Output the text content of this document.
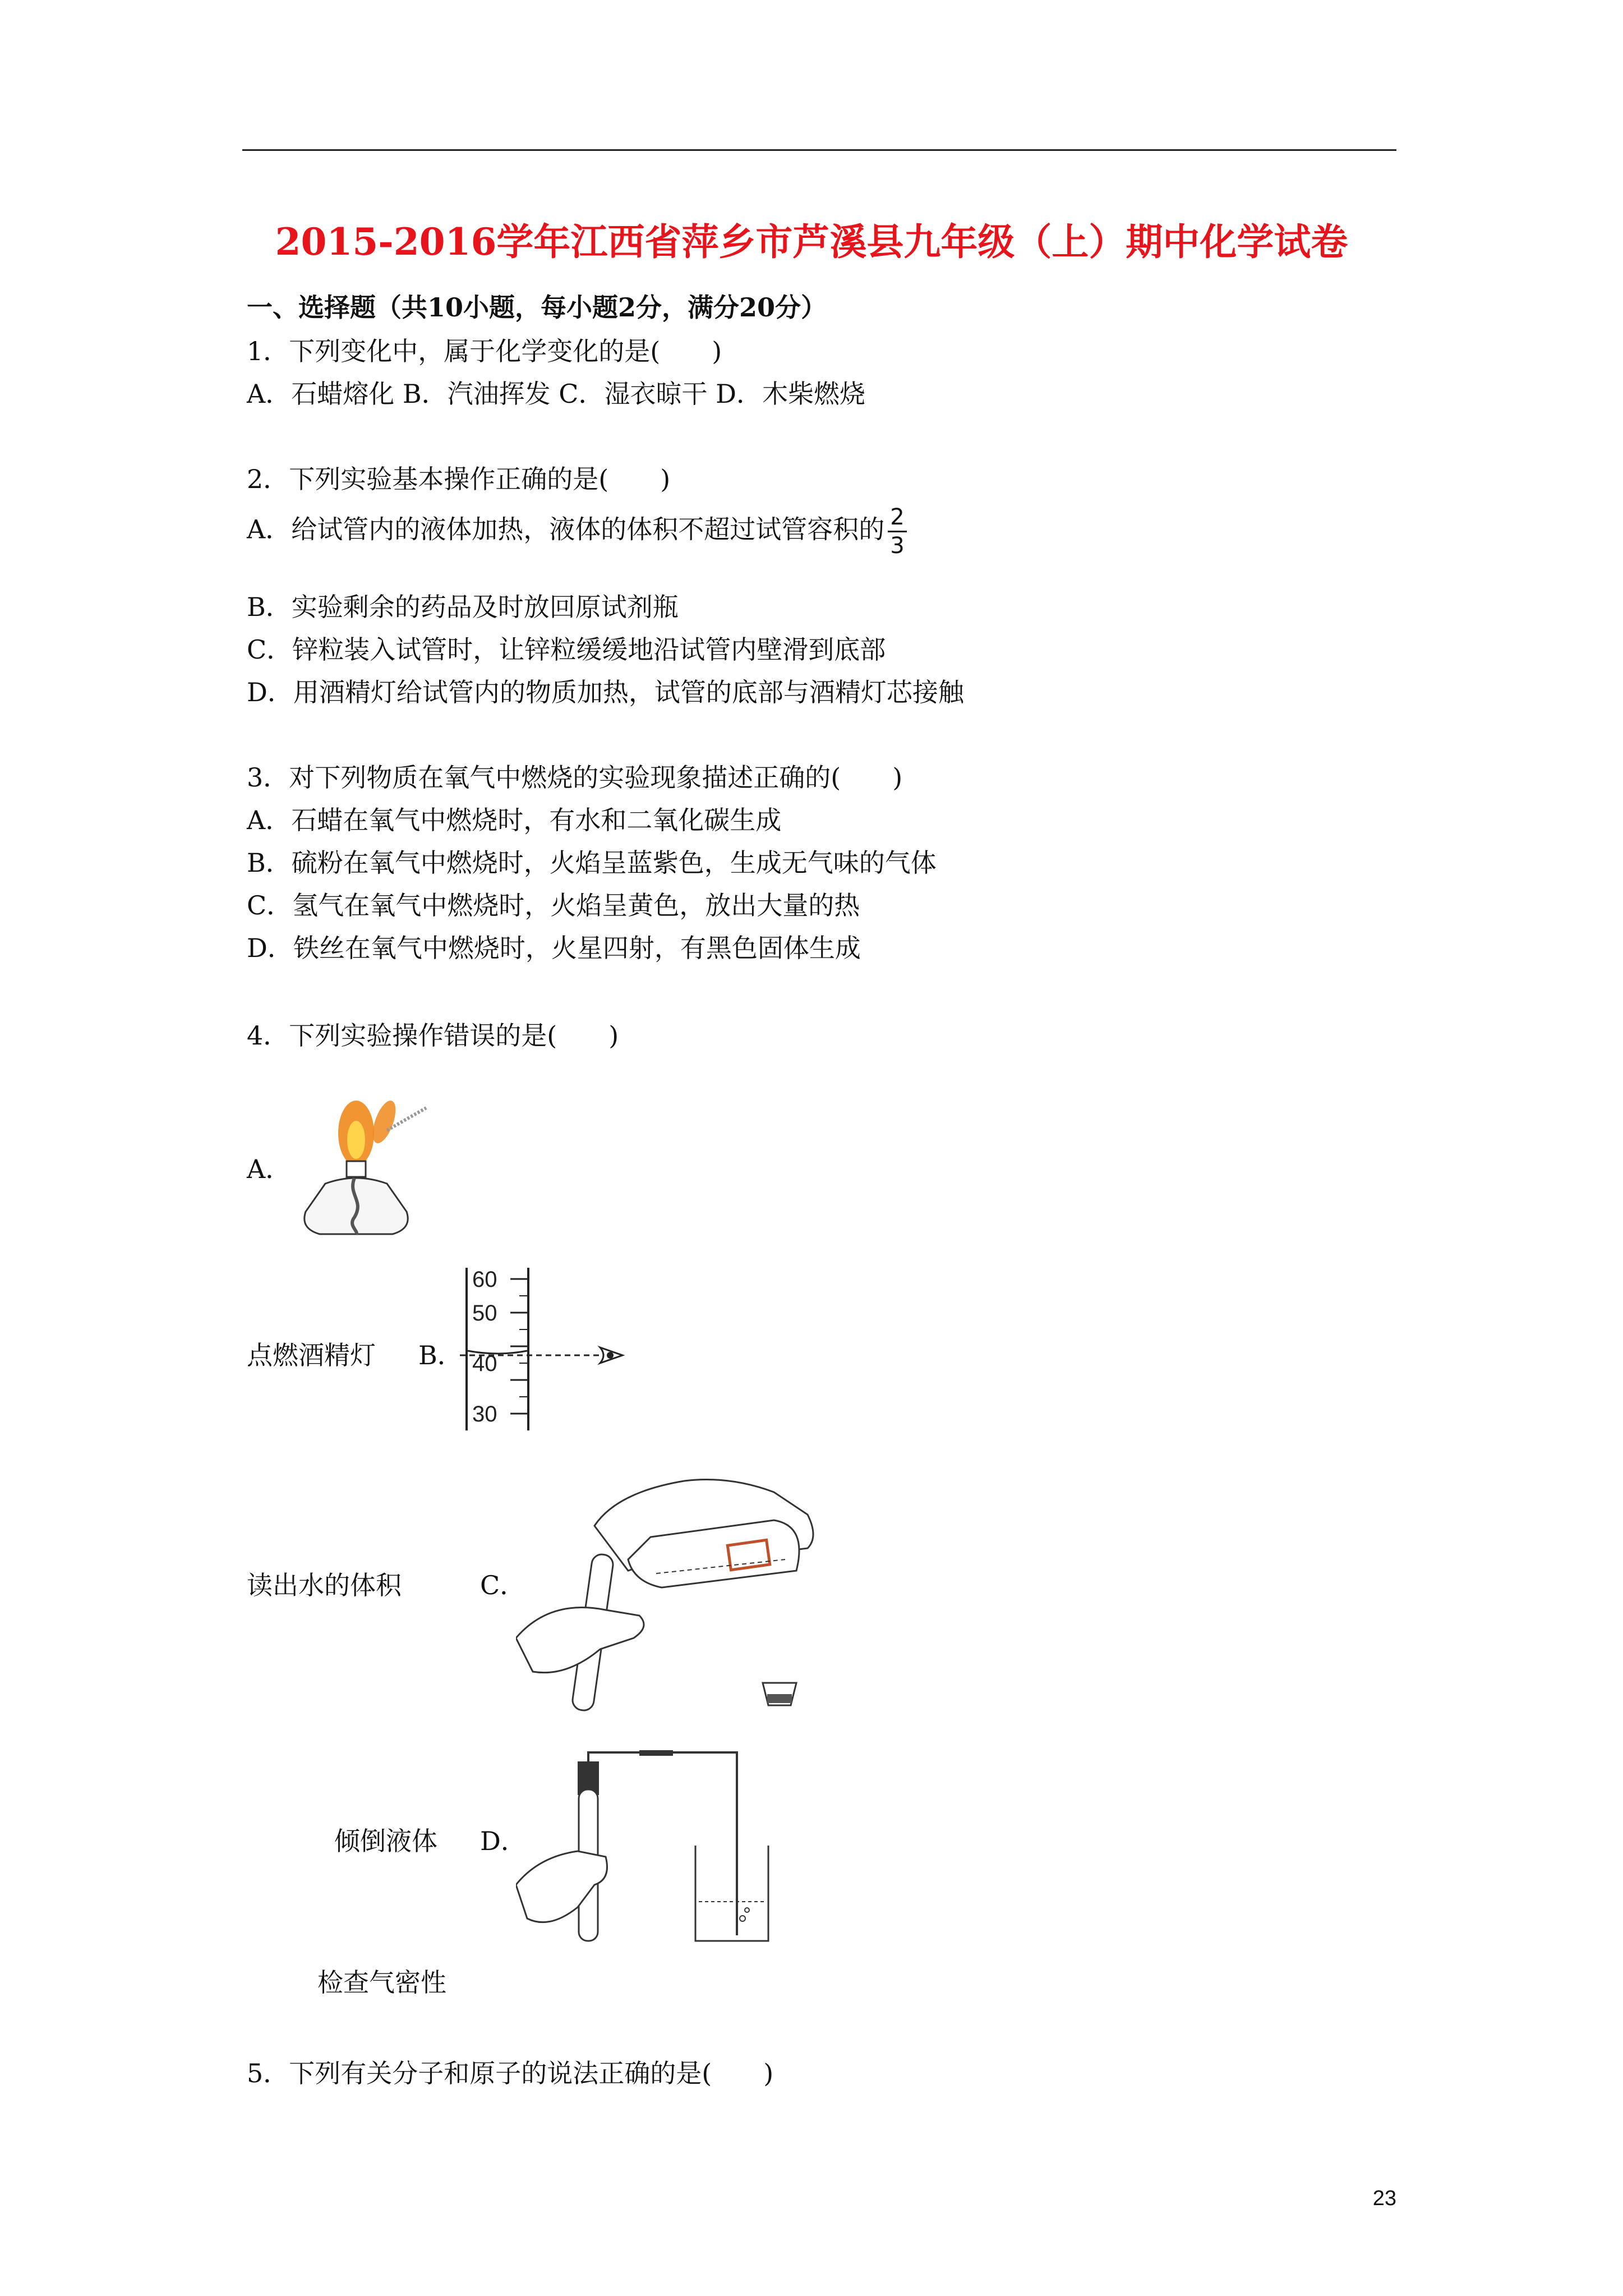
2015-2016学年江西省萍乡市芦溪县九年级（上）期中化学试卷
一、选择题（共10小题，每小题2分，满分20分）
1．下列变化中，属于化学变化的是(　　)
A．石蜡熔化 B．汽油挥发 C．湿衣晾干 D．木柴燃烧
2．下列实验基本操作正确的是(　　)
A．给试管内的液体加热，液体的体积不超过试管容积的 $\frac{2}{3}$
B．实验剩余的药品及时放回原试剂瓶
C．锌粒装入试管时，让锌粒缓缓地沿试管内壁滑到底部
D．用酒精灯给试管内的物质加热，试管的底部与酒精灯芯接触
3．对下列物质在氧气中燃烧的实验现象描述正确的(　　)
A．石蜡在氧气中燃烧时，有水和二氧化碳生成
B．硫粉在氧气中燃烧时，火焰呈蓝紫色，生成无气味的气体
C．氢气在氧气中燃烧时，火焰呈黄色，放出大量的热
D．铁丝在氧气中燃烧时，火星四射，有黑色固体生成
4．下列实验操作错误的是(　　)
A．
点燃酒精灯 B．
60
50
40
30
读出水的体积	C．
倾倒液体 D．
检查气密性
5．下列有关分子和原子的说法正确的是(　　)
23
